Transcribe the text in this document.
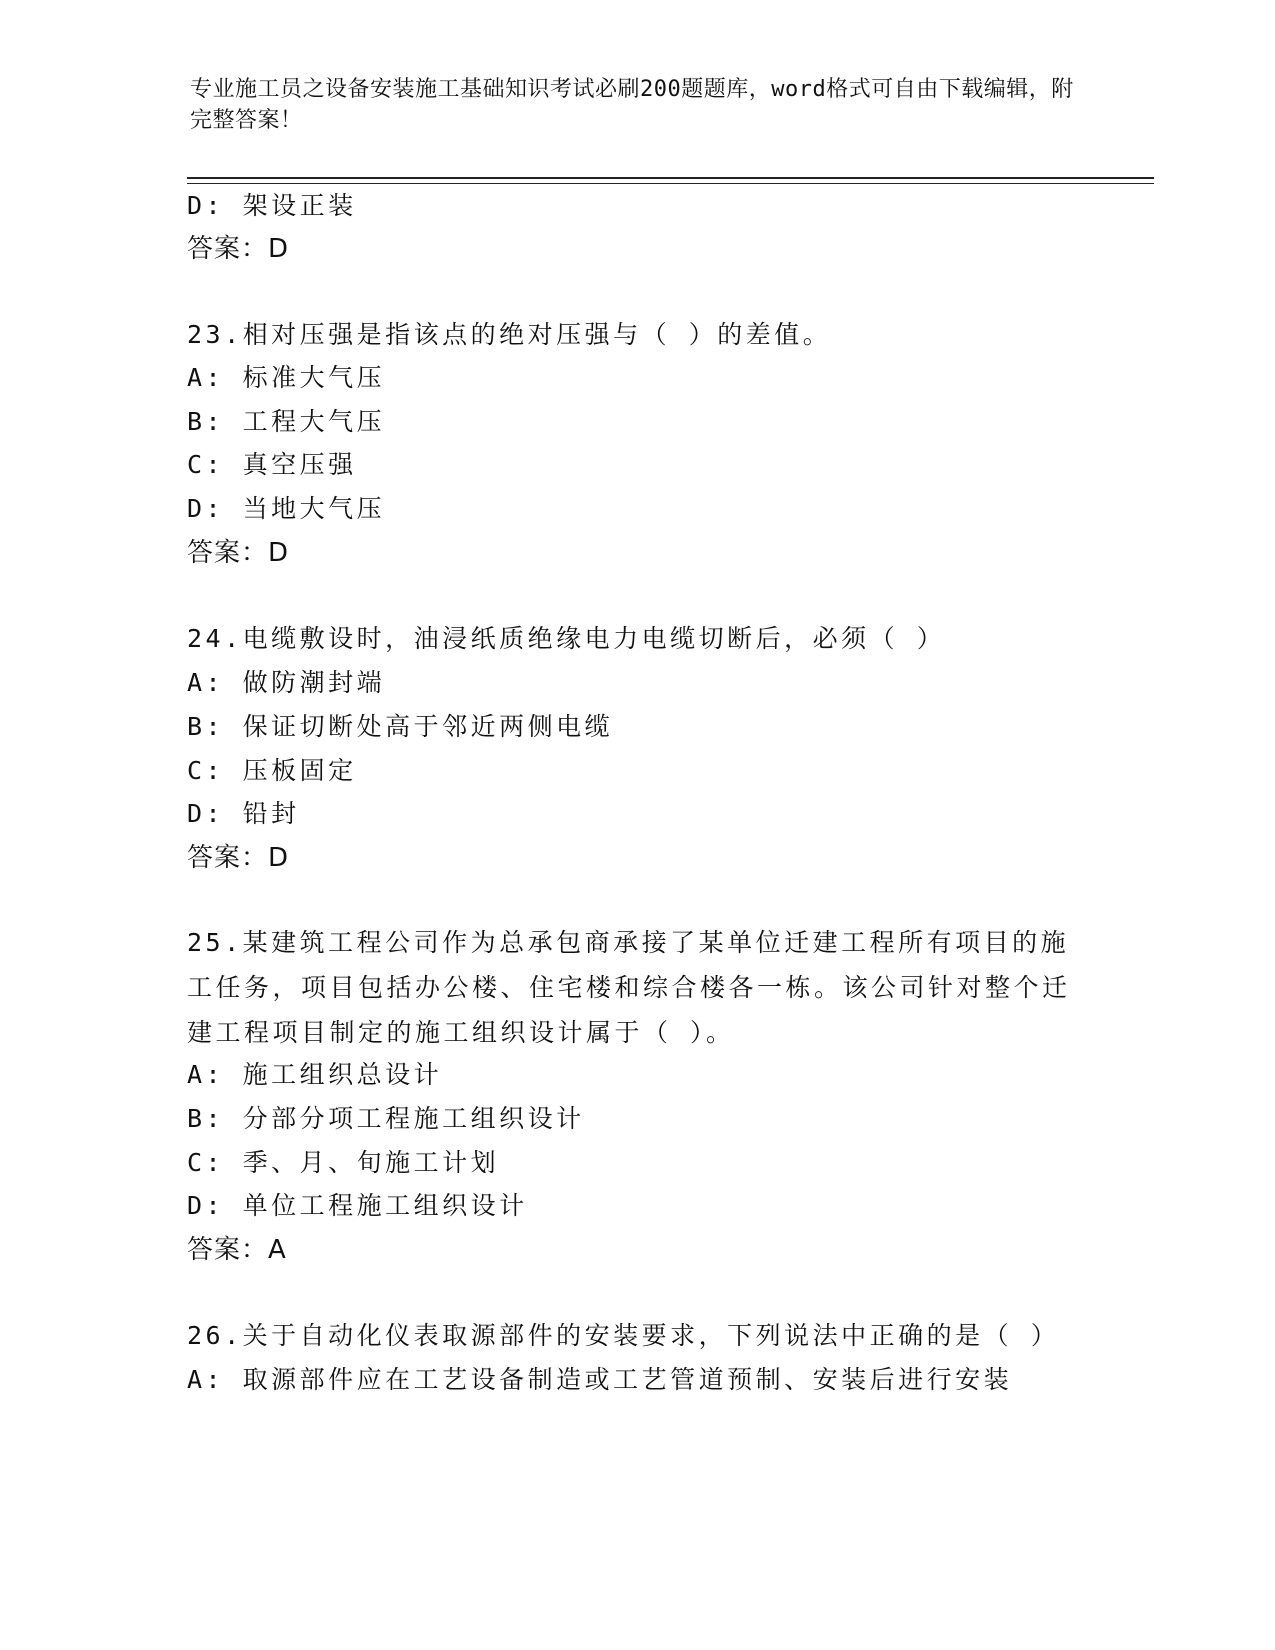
专业施工员之设备安装施工基础知识考试必刷200题题库，word格式可自由下载编辑，附完整答案！
D: 架设正装
答案：D
23.相对压强是指该点的绝对压强与（ ）的差值。
A: 标准大气压
B: 工程大气压
C: 真空压强
D: 当地大气压
答案：D
24.电缆敷设时，油浸纸质绝缘电力电缆切断后，必须（ ）
A: 做防潮封端
B: 保证切断处高于邻近两侧电缆
C: 压板固定
D: 铅封
答案：D
25.某建筑工程公司作为总承包商承接了某单位迁建工程所有项目的施工任务，项目包括办公楼、住宅楼和综合楼各一栋。该公司针对整个迁建工程项目制定的施工组织设计属于（ ）。
A: 施工组织总设计
B: 分部分项工程施工组织设计
C: 季、月、旬施工计划
D: 单位工程施工组织设计
答案：A
26.关于自动化仪表取源部件的安装要求，下列说法中正确的是（ ）
A: 取源部件应在工艺设备制造或工艺管道预制、安装后进行安装
